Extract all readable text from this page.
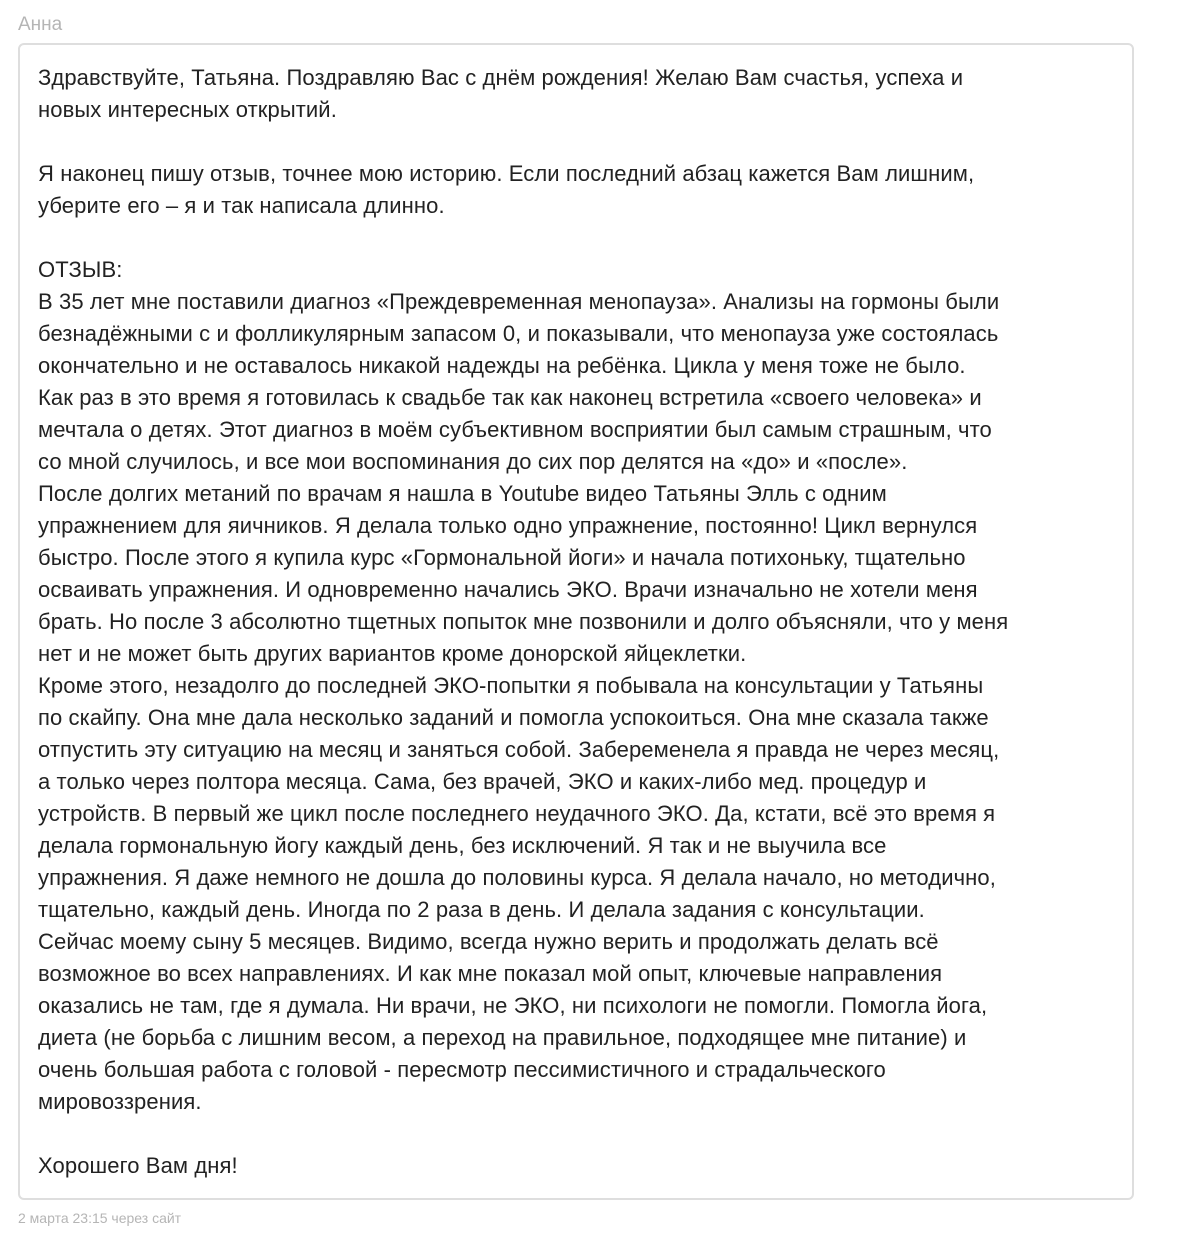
Анна
Здравствуйте, Татьяна. Поздравляю Вас с днём рождения! Желаю Вам счастья, успеха и
новых интересных открытий.
Я наконец пишу отзыв, точнее мою историю. Если последний абзац кажется Вам лишним,
уберите его – я и так написала длинно.
ОТЗЫВ:
В 35 лет мне поставили диагноз «Преждевременная менопауза». Анализы на гормоны были
безнадёжными с и фолликулярным запасом 0, и показывали, что менопауза уже состоялась
окончательно и не оставалось никакой надежды на ребёнка. Цикла у меня тоже не было.
Как раз в это время я готовилась к свадьбе так как наконец встретила «своего человека» и
мечтала о детях. Этот диагноз в моём субъективном восприятии был самым страшным, что
со мной случилось, и все мои воспоминания до сих пор делятся на «до» и «после».
После долгих метаний по врачам я нашла в Youtube видео Татьяны Элль с одним
упражнением для яичников. Я делала только одно упражнение, постоянно! Цикл вернулся
быстро. После этого я купила курс «Гормональной йоги» и начала потихоньку, тщательно
осваивать упражнения. И одновременно начались ЭКО. Врачи изначально не хотели меня
брать. Но после 3 абсолютно тщетных попыток мне позвонили и долго объясняли, что у меня
нет и не может быть других вариантов кроме донорской яйцеклетки.
Кроме этого, незадолго до последней ЭКО-попытки я побывала на консультации у Татьяны
по скайпу. Она мне дала несколько заданий и помогла успокоиться. Она мне сказала также
отпустить эту ситуацию на месяц и заняться собой. Забеременела я правда не через месяц,
а только через полтора месяца. Сама, без врачей, ЭКО и каких-либо мед. процедур и
устройств. В первый же цикл после последнего неудачного ЭКО. Да, кстати, всё это время я
делала гормональную йогу каждый день, без исключений. Я так и не выучила все
упражнения. Я даже немного не дошла до половины курса. Я делала начало, но методично,
тщательно, каждый день. Иногда по 2 раза в день. И делала задания с консультации.
Сейчас моему сыну 5 месяцев. Видимо, всегда нужно верить и продолжать делать всё
возможное во всех направлениях. И как мне показал мой опыт, ключевые направления
оказались не там, где я думала. Ни врачи, не ЭКО, ни психологи не помогли. Помогла йога,
диета (не борьба с лишним весом, а переход на правильное, подходящее мне питание) и
очень большая работа с головой - пересмотр пессимистичного и страдальческого
мировоззрения.
Хорошего Вам дня!
2 марта 23:15 через сайт
